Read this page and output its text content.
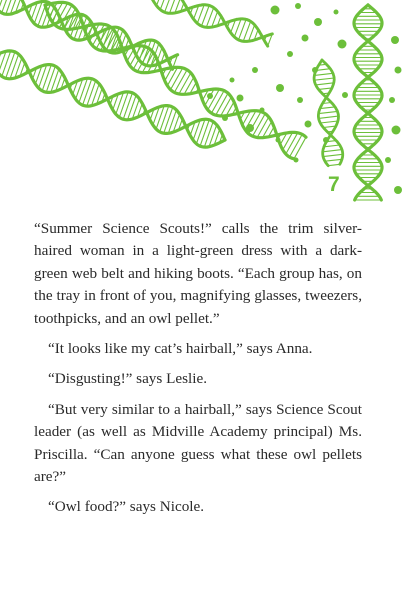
7

“Summer Science Scouts!” calls the trim silver-haired woman in a light-green dress with a dark-green web belt and hiking boots. “Each group has, on the tray in front of you, magnifying glasses, tweezers, toothpicks, and an owl pellet.”

“It looks like my cat’s hairball,” says Anna.

“Disgusting!” says Leslie.

“But very similar to a hairball,” says Science Scout leader (as well as Midville Academy principal) Ms. Priscilla. “Can anyone guess what these owl pellets are?”

“Owl food?” says Nicole.
